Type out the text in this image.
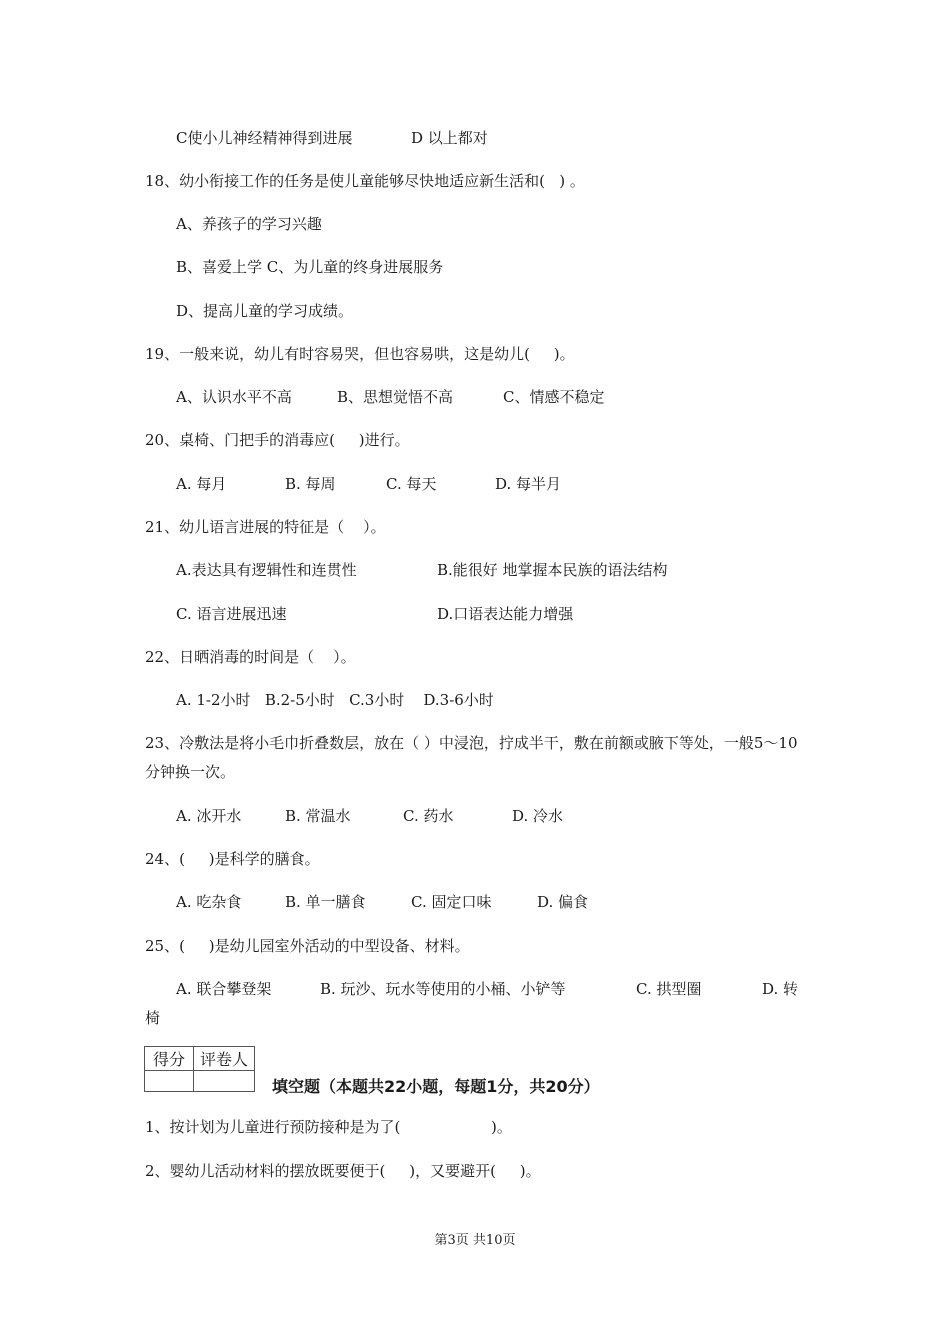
C使小儿神经精神得到进展	D 以上都对
18、幼小衔接工作的任务是使儿童能够尽快地适应新生活和(   ) 。
A、养孩子的学习兴趣
B、喜爱上学 C、为儿童的终身进展服务
D、提高儿童的学习成绩。
19、一般来说，幼儿有时容易哭，但也容易哄，这是幼儿(     )。
A、认识水平不高	B、思想觉悟不高	C、情感不稳定
20、桌椅、门把手的消毒应(     )进行。
A. 每月	B. 每周	C. 每天	D. 每半月
21、幼儿语言进展的特征是（    ）。
A.表达具有逻辑性和连贯性	B.能很好 地掌握本民族的语法结构
C. 语言进展迅速	D.口语表达能力增强
22、日晒消毒的时间是（    ）。
A. 1-2小时   B.2-5小时   C.3小时    D.3-6小时
23、冷敷法是将小毛巾折叠数层，放在（ ）中浸泡，拧成半干，敷在前额或腋下等处，一般5～10分钟换一次。
A. 冰开水	B. 常温水	C. 药水	D. 冷水
24、(     )是科学的膳食。
A. 吃杂食	B. 单一膳食	C. 固定口味	D. 偏食
25、(     )是幼儿园室外活动的中型设备、材料。
A. 联合攀登架	B. 玩沙、玩水等使用的小桶、小铲等	C. 拱型圈	D. 转
椅
得分	评卷人

填空题（本题共22小题，每题1分，共20分）
1、按计划为儿童进行预防接种是为了(                   )。
2、婴幼儿活动材料的摆放既要便于(     )，又要避开(     )。
第3页 共10页
